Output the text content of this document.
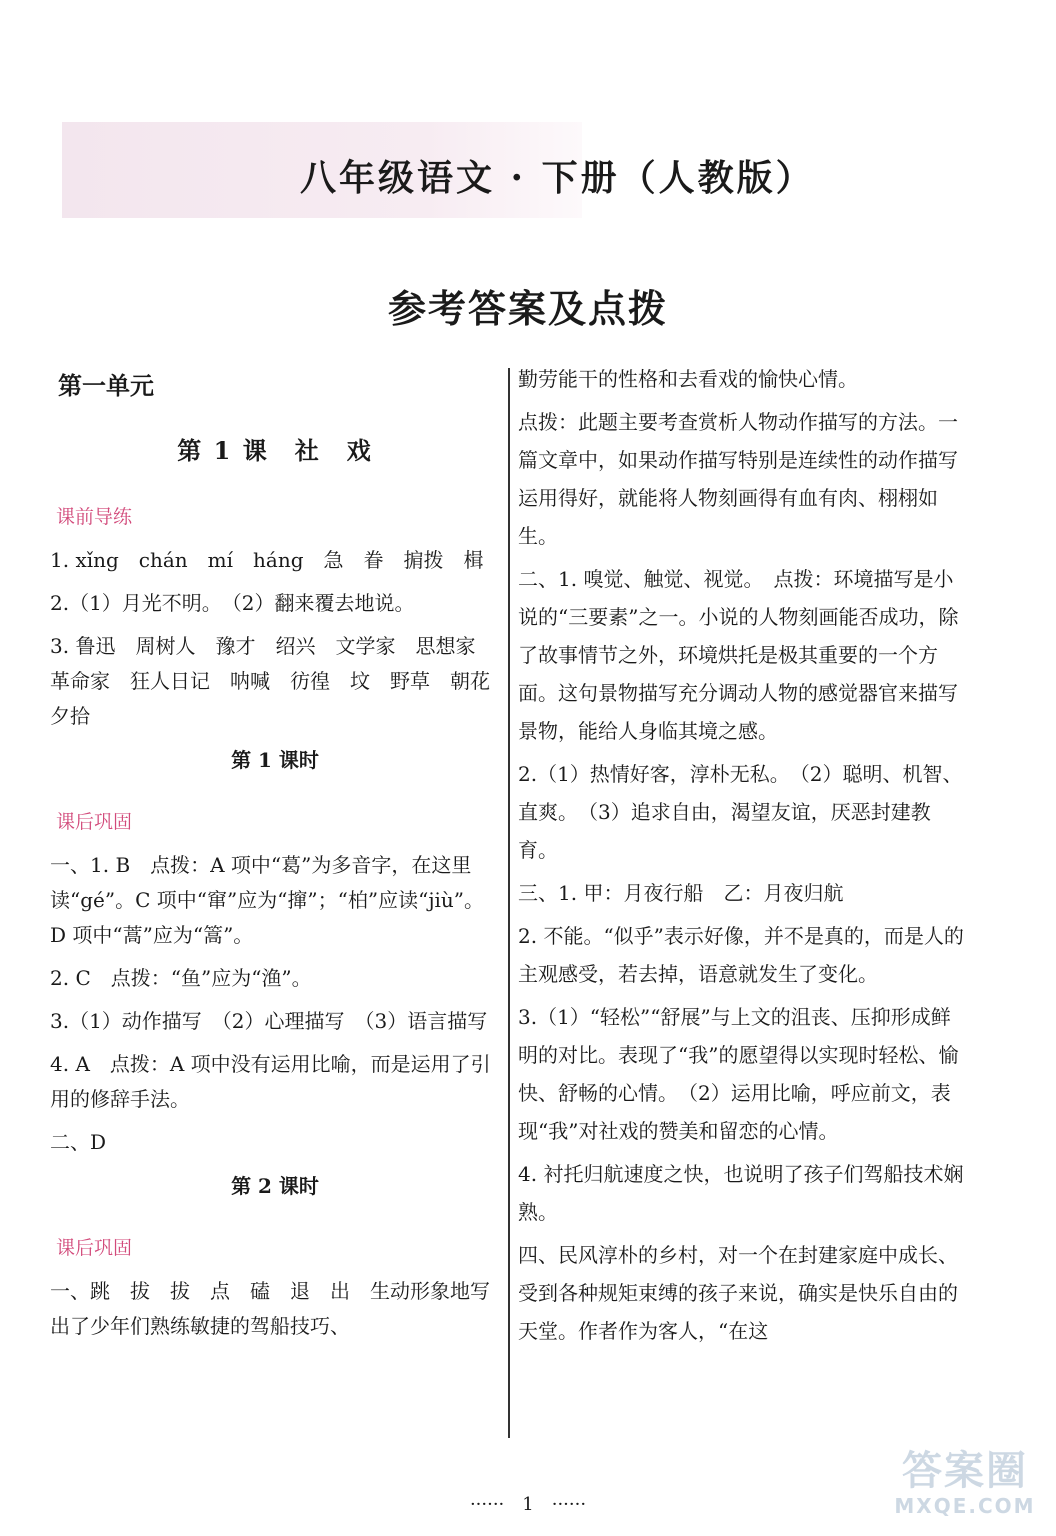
八年级语文 · 下册（人教版）
参考答案及点拨
第一单元
第 1 课　社　戏
课前导练

1. xǐng　chán　mí　háng　急　眷　掮拨　楫

2.（1）月光不明。　（2）翻来覆去地说。

3. 鲁迅　周树人　豫才　绍兴　文学家　思想家　革命家　狂人日记　呐喊　彷徨　坟　野草　朝花夕拾

第 1 课时
课后巩固

一、1. B　点拨：A 项中“葛”为多音字，在这里读“gé”。C 项中“窜”应为“撺”；“柏”应读“jiù”。D 项中“蒿”应为“篙”。

2. C　点拨：“鱼”应为“渔”。

3.（1）动作描写　（2）心理描写　（3）语言描写

4. A　点拨：A 项中没有运用比喻，而是运用了引用的修辞手法。

二、D

第 2 课时
课后巩固

一、跳　拔　拔　点　磕　退　出　生动形象地写出了少年们熟练敏捷的驾船技巧、

勤劳能干的性格和去看戏的愉快心情。

点拨：此题主要考查赏析人物动作描写的方法。一篇文章中，如果动作描写特别是连续性的动作描写运用得好，就能将人物刻画得有血有肉、栩栩如生。

二、1. 嗅觉、触觉、视觉。　点拨：环境描写是小说的“三要素”之一。小说的人物刻画能否成功，除了故事情节之外，环境烘托是极其重要的一个方面。这句景物描写充分调动人物的感觉器官来描写景物，能给人身临其境之感。

2.（1）热情好客，淳朴无私。　（2）聪明、机智、直爽。　（3）追求自由，渴望友谊，厌恶封建教育。

三、1. 甲：月夜行船　乙：月夜归航

2. 不能。“似乎”表示好像，并不是真的，而是人的主观感受，若去掉，语意就发生了变化。

3.（1）“轻松”“舒展”与上文的沮丧、压抑形成鲜明的对比。表现了“我”的愿望得以实现时轻松、愉快、舒畅的心情。　（2）运用比喻，呼应前文，表现“我”对社戏的赞美和留恋的心情。

4. 衬托归航速度之快，也说明了孩子们驾船技术娴熟。

四、民风淳朴的乡村，对一个在封建家庭中成长、受到各种规矩束缚的孩子来说，确实是快乐自由的天堂。作者作为客人，“在这

······　1　······
答案圈
MXQE.COM
